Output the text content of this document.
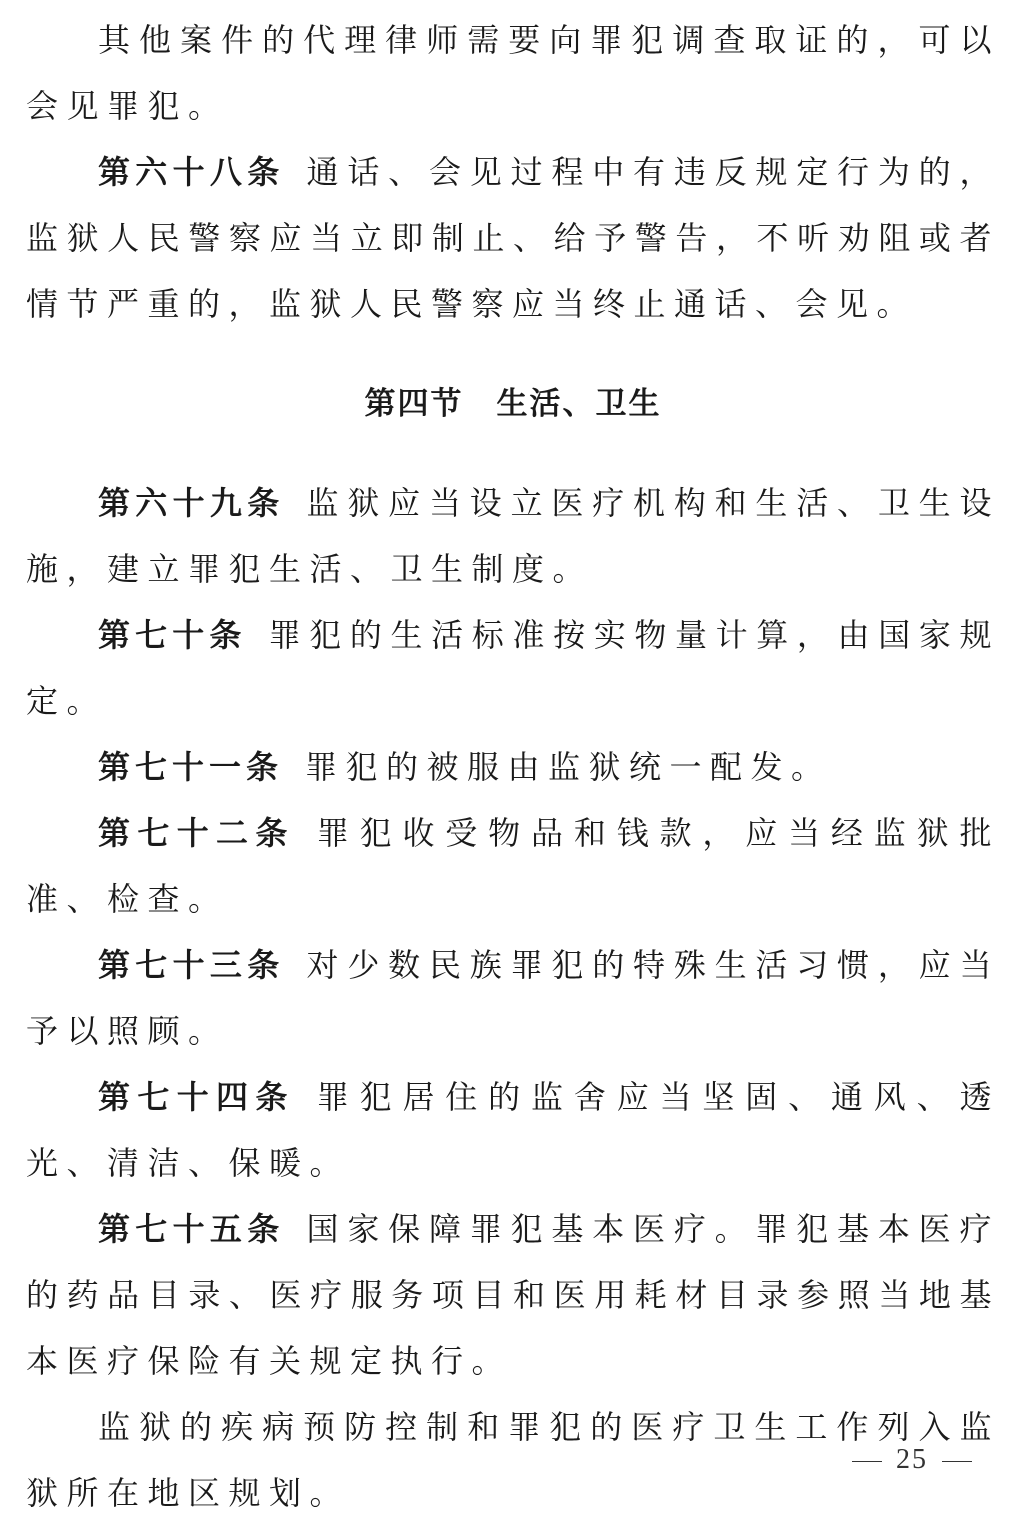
其他案件的代理律师需要向罪犯调查取证的，可以会见罪犯。

第六十八条 通话、会见过程中有违反规定行为的，监狱人民警察应当立即制止、给予警告，不听劝阻或者情节严重的，监狱人民警察应当终止通话、会见。

第四节　生活、卫生

第六十九条 监狱应当设立医疗机构和生活、卫生设施，建立罪犯生活、卫生制度。

第七十条 罪犯的生活标准按实物量计算，由国家规定。

第七十一条 罪犯的被服由监狱统一配发。

第七十二条 罪犯收受物品和钱款，应当经监狱批准、检查。

第七十三条 对少数民族罪犯的特殊生活习惯，应当予以照顾。

第七十四条 罪犯居住的监舍应当坚固、通风、透光、清洁、保暖。

第七十五条 国家保障罪犯基本医疗。罪犯基本医疗的药品目录、医疗服务项目和医用耗材目录参照当地基本医疗保险有关规定执行。

监狱的疾病预防控制和罪犯的医疗卫生工作列入监狱所在地区规划。

25
